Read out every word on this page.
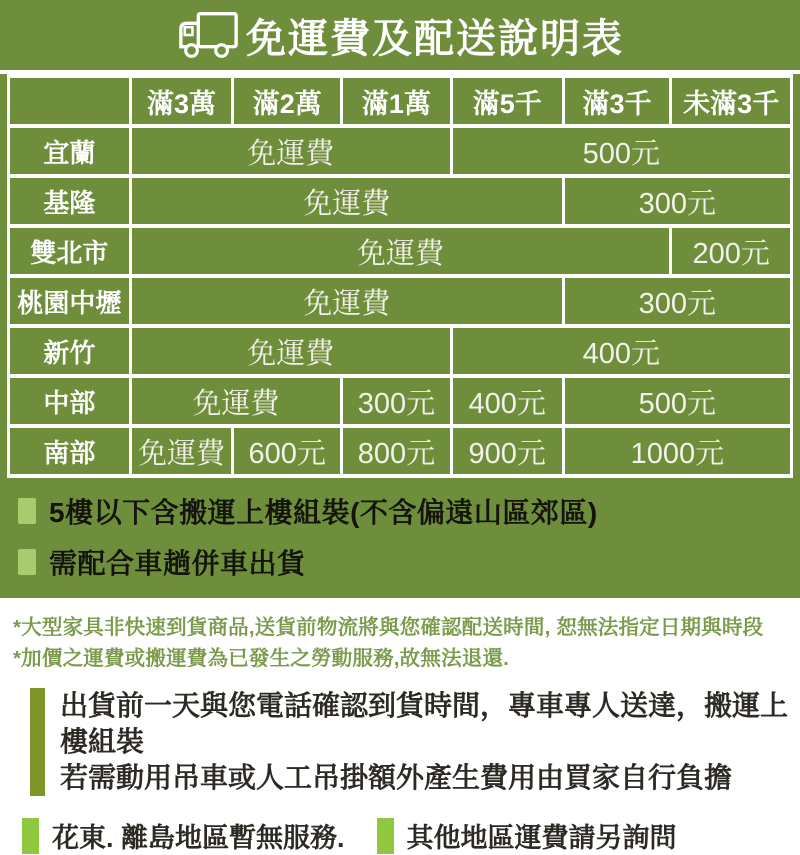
免運費及配送說明表
	滿3萬	滿2萬	滿1萬	滿5千	滿3千	未滿3千
宜蘭	免運費			500元		
基隆	免運費				300元	
雙北市	免運費					200元
桃園中壢	免運費				300元	
新竹	免運費			400元		
中部	免運費		300元	400元	500元	
南部	免運費	600元	800元	900元	1000元	
5樓以下含搬運上樓組裝(不含偏遠山區郊區)
需配合車趟併車出貨

*大型家具非快速到貨商品,送貨前物流將與您確認配送時間, 恕無法指定日期與時段

*加價之運費或搬運費為已發生之勞動服務,故無法退還.

出貨前一天與您電話確認到貨時間，專車專人送達，搬運上樓組裝
若需動用吊車或人工吊掛額外產生費用由買家自行負擔
花東. 離島地區暫無服務. 其他地區運費請另詢問
